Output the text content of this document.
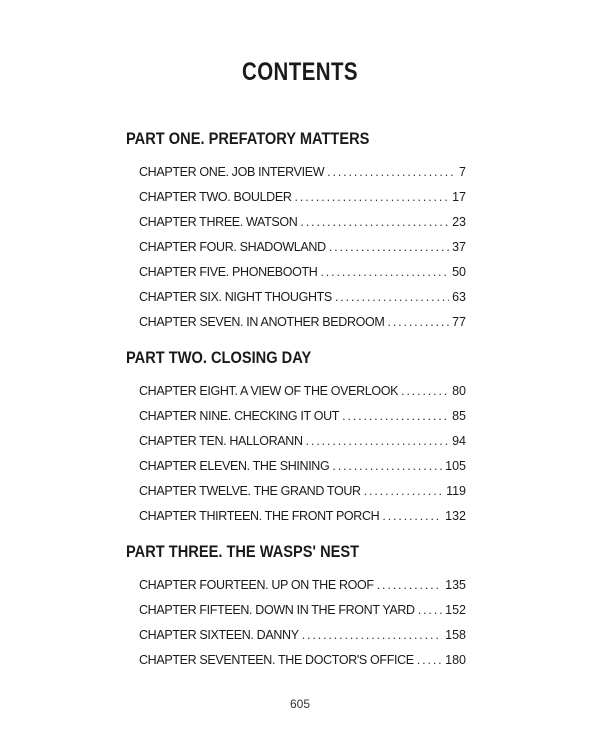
CONTENTS
PART ONE. PREFATORY MATTERS
CHAPTER ONE. JOB INTERVIEW . . .	7
CHAPTER TWO. BOULDER . . .	17
CHAPTER THREE. WATSON . . .	23
CHAPTER FOUR. SHADOWLAND . . .	37
CHAPTER FIVE. PHONEBOOTH . . .	50
CHAPTER SIX. NIGHT THOUGHTS . . .	63
CHAPTER SEVEN. IN ANOTHER BEDROOM . . .	77
PART TWO. CLOSING DAY
CHAPTER EIGHT. A VIEW OF THE OVERLOOK . . .	80
CHAPTER NINE. CHECKING IT OUT . . .	85
CHAPTER TEN. HALLORANN . . .	94
CHAPTER ELEVEN. THE SHINING . . .	105
CHAPTER TWELVE. THE GRAND TOUR . . .	119
CHAPTER THIRTEEN. THE FRONT PORCH . . .	132
PART THREE. THE WASPS' NEST
CHAPTER FOURTEEN. UP ON THE ROOF . . .	135
CHAPTER FIFTEEN. DOWN IN THE FRONT YARD . . . 152
CHAPTER SIXTEEN. DANNY . . .	158
CHAPTER SEVENTEEN. THE DOCTOR'S OFFICE . . .	180
605
